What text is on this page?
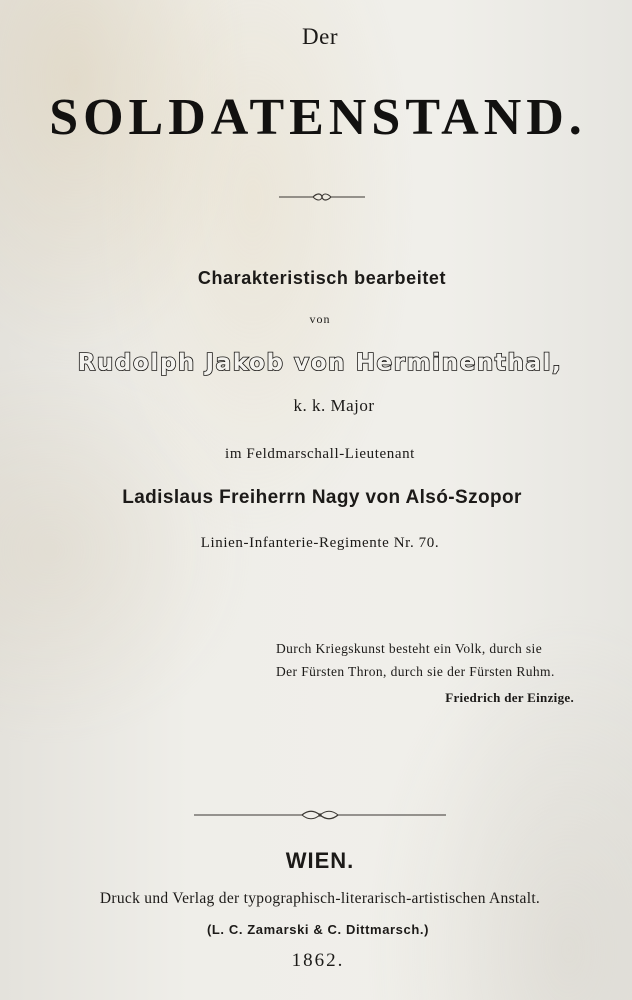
Der
SOLDATENSTAND.
Charakteristisch bearbeitet
von
Rudolph Jakob von Herminenthal,
k. k. Major
im Feldmarschall-Lieutenant
Ladislaus Freiherrn Nagy von Alsó-Szopor
Linien-Infanterie-Regimente Nr. 70.
Durch Kriegskunst besteht ein Volk, durch sie
Der Fürsten Thron, durch sie der Fürsten Ruhm.
Friedrich der Einzige.
WIEN.
Druck und Verlag der typographisch-literarisch-artistischen Anstalt.
(L. C. Zamarski & C. Dittmarsch.)
1862.
